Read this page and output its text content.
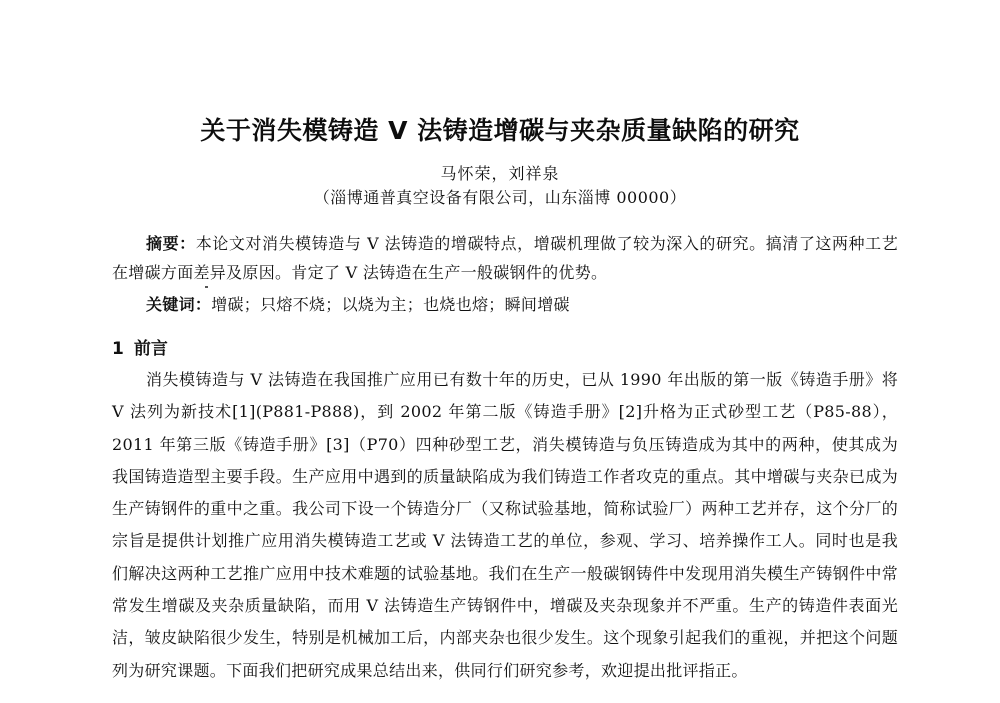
关于消失模铸造 V 法铸造增碳与夹杂质量缺陷的研究
马怀荣，刘祥泉
（淄博通普真空设备有限公司，山东淄博 00000）
摘要：本论文对消失模铸造与 V 法铸造的增碳特点，增碳机理做了较为深入的研究。搞清了这两种工艺在增碳方面差异及原因。肯定了 V 法铸造在生产一般碳钢件的优势。
关键词：增碳；只熔不烧；以烧为主；也烧也熔；瞬间增碳
1 前言
消失模铸造与 V 法铸造在我国推广应用已有数十年的历史，已从 1990 年出版的第一版《铸造手册》将 V 法列为新技术[1](P881-P888)，到 2002 年第二版《铸造手册》[2]升格为正式砂型工艺（P85-88），2011 年第三版《铸造手册》[3]（P70）四种砂型工艺，消失模铸造与负压铸造成为其中的两种，使其成为我国铸造造型主要手段。生产应用中遇到的质量缺陷成为我们铸造工作者攻克的重点。其中增碳与夹杂已成为生产铸钢件的重中之重。我公司下设一个铸造分厂（又称试验基地，简称试验厂）两种工艺并存，这个分厂的宗旨是提供计划推广应用消失模铸造工艺或 V 法铸造工艺的单位，参观、学习、培养操作工人。同时也是我们解决这两种工艺推广应用中技术难题的试验基地。我们在生产一般碳钢铸件中发现用消失模生产铸钢件中常常发生增碳及夹杂质量缺陷，而用 V 法铸造生产铸钢件中，增碳及夹杂现象并不严重。生产的铸造件表面光洁，皱皮缺陷很少发生，特别是机械加工后，内部夹杂也很少发生。这个现象引起我们的重视，并把这个问题列为研究课题。下面我们把研究成果总结出来，供同行们研究参考，欢迎提出批评指正。
